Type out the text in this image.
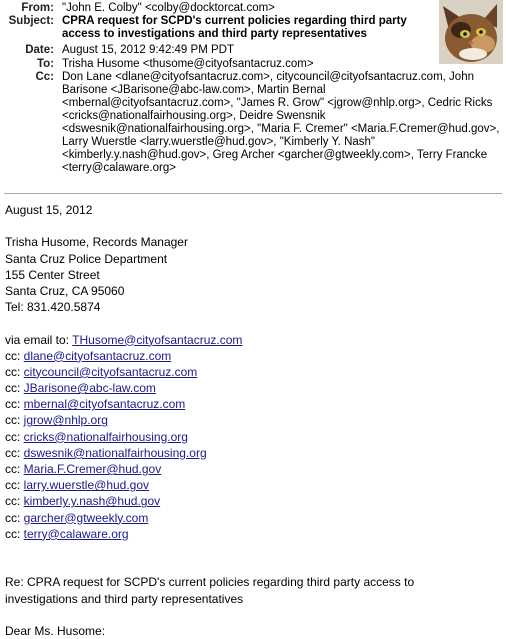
From: "John E. Colby" <colby@docktorcat.com>
Subject: CPRA request for SCPD's current policies regarding third party access to investigations and third party representatives
Date: August 15, 2012 9:42:49 PM PDT
To: Trisha Husome <thusome@cityofsantacruz.com>
Cc: Don Lane <dlane@cityofsantacruz.com>, citycouncil@cityofsantacruz.com, John Barisone <JBarisone@abc-law.com>, Martin Bernal <mbernal@cityofsantacruz.com>, "James R. Grow" <jgrow@nhlp.org>, Cedric Ricks <cricks@nationalfairhousing.org>, Deidre Swensnik <dswesnik@nationalfairhousing.org>, "Maria F. Cremer" <Maria.F.Cremer@hud.gov>, Larry Wuerstle <larry.wuerstle@hud.gov>, "Kimberly Y. Nash" <kimberly.y.nash@hud.gov>, Greg Archer <garcher@gtweekly.com>, Terry Francke <terry@calaware.org>
August 15, 2012
Trisha Husome, Records Manager
Santa Cruz Police Department
155 Center Street
Santa Cruz, CA 95060
Tel: 831.420.5874
via email to: THusome@cityofsantacruz.com
cc: dlane@cityofsantacruz.com
cc: citycouncil@cityofsantacruz.com
cc: JBarisone@abc-law.com
cc: mbernal@cityofsantacruz.com
cc: jgrow@nhlp.org
cc: cricks@nationalfairhousing.org
cc: dswesnik@nationalfairhousing.org
cc: Maria.F.Cremer@hud.gov
cc: larry.wuerstle@hud.gov
cc: kimberly.y.nash@hud.gov
cc: garcher@gtweekly.com
cc: terry@calaware.org
Re: CPRA request for SCPD's current policies regarding third party access to investigations and third party representatives
Dear Ms. Husome:
